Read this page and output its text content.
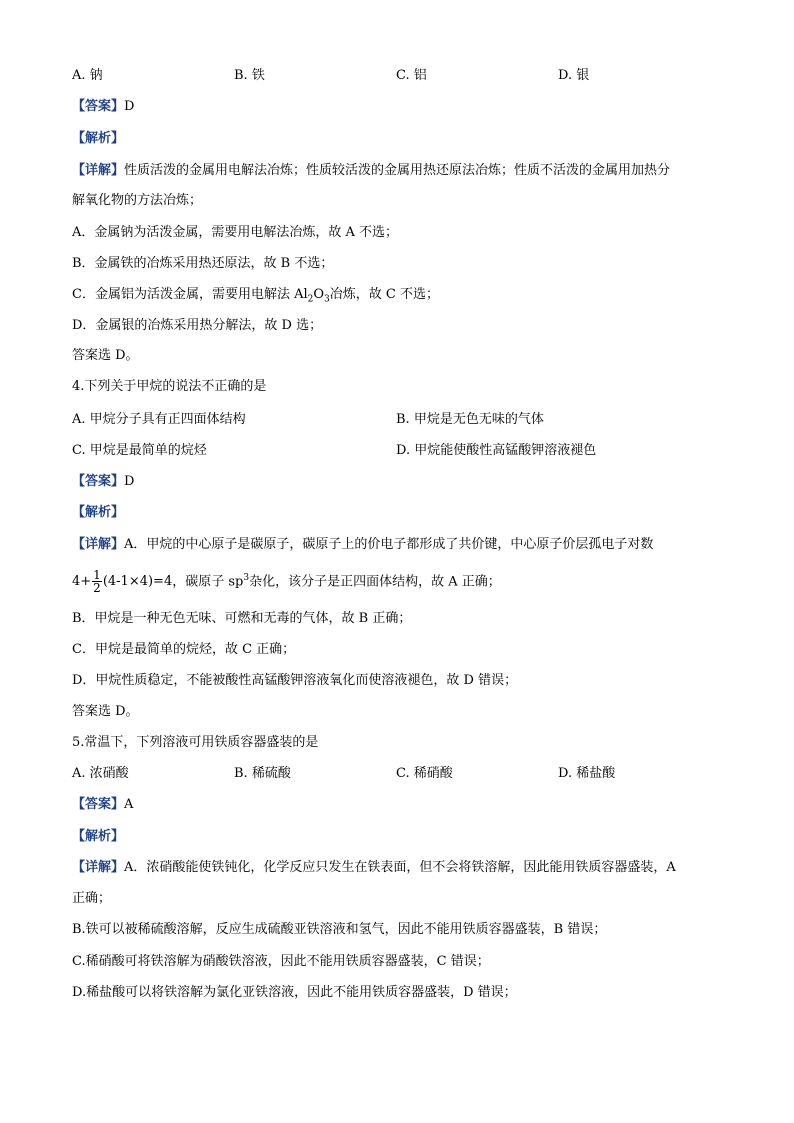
A. 钠	B. 铁	C. 铝	D. 银
【答案】D
【解析】
【详解】性质活泼的金属用电解法冶炼；性质较活泼的金属用热还原法冶炼；性质不活泼的金属用加热分
解氧化物的方法冶炼；
A．金属钠为活泼金属，需要用电解法冶炼，故 A 不选；
B．金属铁的冶炼采用热还原法，故 B 不选；
C．金属铝为活泼金属，需要用电解法 $Al_2O_3$冶炼，故 C 不选；
D．金属银的冶炼采用热分解法，故 D 选；
答案选 D。
4.下列关于甲烷的说法不正确的是
A. 甲烷分子具有正四面体结构	B. 甲烷是无色无味的气体
C. 甲烷是最简单的烷烃	D. 甲烷能使酸性高锰酸钾溶液褪色
【答案】D
【解析】
【详解】A．甲烷的中心原子是碳原子，碳原子上的价电子都形成了共价键，中心原子价层孤电子对数
$4+ \frac{1}{2} (4-1\times 4)=4$，碳原子 $sp^3$杂化，该分子是正四面体结构，故 A 正确；
B．甲烷是一种无色无味、可燃和无毒的气体，故 B 正确；
C．甲烷是最简单的烷烃，故 C 正确；
D．甲烷性质稳定，不能被酸性高锰酸钾溶液氧化而使溶液褪色，故 D 错误；
答案选 D。
5.常温下，下列溶液可用铁质容器盛装的是
A. 浓硝酸	B. 稀硫酸	C. 稀硝酸	D. 稀盐酸
【答案】A
【解析】
【详解】A．浓硝酸能使铁钝化，化学反应只发生在铁表面，但不会将铁溶解，因此能用铁质容器盛装，A
正确；
B.铁可以被稀硫酸溶解，反应生成硫酸亚铁溶液和氢气，因此不能用铁质容器盛装，B 错误；
C.稀硝酸可将铁溶解为硝酸铁溶液，因此不能用铁质容器盛装，C 错误；
D.稀盐酸可以将铁溶解为氯化亚铁溶液，因此不能用铁质容器盛装，D 错误；
